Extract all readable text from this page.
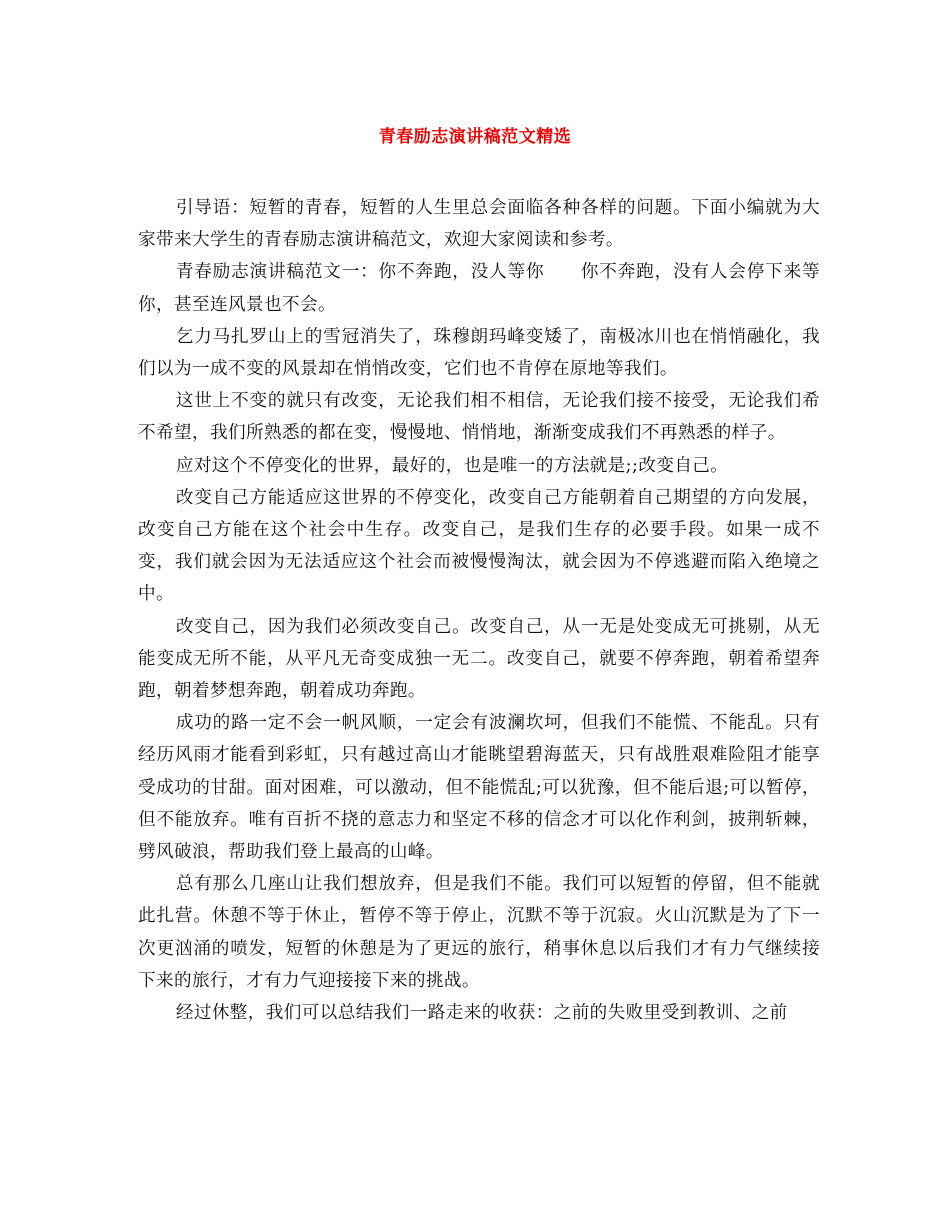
青春励志演讲稿范文精选

引导语：短暂的青春，短暂的人生里总会面临各种各样的问题。下面小编就为大家带来大学生的青春励志演讲稿范文，欢迎大家阅读和参考。

青春励志演讲稿范文一：你不奔跑，没人等你 你不奔跑，没有人会停下来等你，甚至连风景也不会。

乞力马扎罗山上的雪冠消失了，珠穆朗玛峰变矮了，南极冰川也在悄悄融化，我们以为一成不变的风景却在悄悄改变，它们也不肯停在原地等我们。

这世上不变的就只有改变，无论我们相不相信，无论我们接不接受，无论我们希不希望，我们所熟悉的都在变，慢慢地、悄悄地，渐渐变成我们不再熟悉的样子。

应对这个不停变化的世界，最好的，也是唯一的方法就是;;改变自己。

改变自己方能适应这世界的不停变化，改变自己方能朝着自己期望的方向发展，改变自己方能在这个社会中生存。改变自己，是我们生存的必要手段。如果一成不变，我们就会因为无法适应这个社会而被慢慢淘汰，就会因为不停逃避而陷入绝境之中。

改变自己，因为我们必须改变自己。改变自己，从一无是处变成无可挑剔，从无能变成无所不能，从平凡无奇变成独一无二。改变自己，就要不停奔跑，朝着希望奔跑，朝着梦想奔跑，朝着成功奔跑。

成功的路一定不会一帆风顺，一定会有波澜坎坷，但我们不能慌、不能乱。只有经历风雨才能看到彩虹，只有越过高山才能眺望碧海蓝天，只有战胜艰难险阻才能享受成功的甘甜。面对困难，可以激动，但不能慌乱;可以犹豫，但不能后退;可以暂停，但不能放弃。唯有百折不挠的意志力和坚定不移的信念才可以化作利剑，披荆斩棘，劈风破浪，帮助我们登上最高的山峰。

总有那么几座山让我们想放弃，但是我们不能。我们可以短暂的停留，但不能就此扎营。休憩不等于休止，暂停不等于停止，沉默不等于沉寂。火山沉默是为了下一次更汹涌的喷发，短暂的休憩是为了更远的旅行，稍事休息以后我们才有力气继续接下来的旅行，才有力气迎接接下来的挑战。

经过休整，我们可以总结我们一路走来的收获：之前的失败里受到教训、之前
